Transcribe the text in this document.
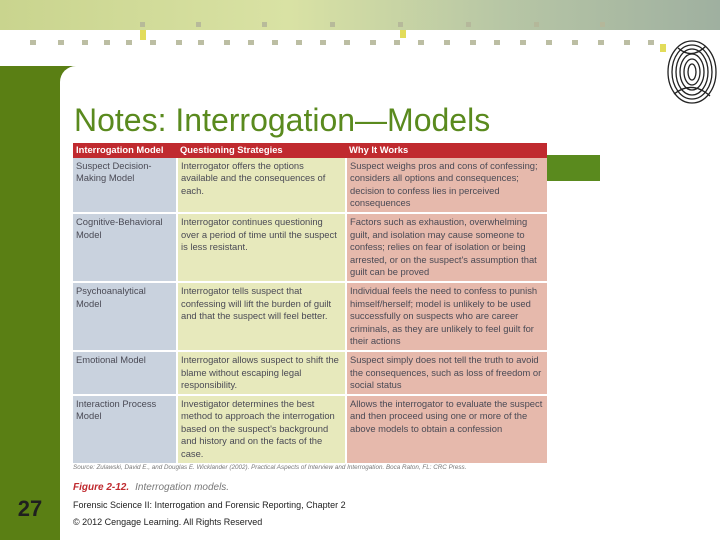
Notes: Interrogation—Models
Interrogation Model	Questioning Strategies	Why It Works
Suspect Decision-Making Model	Interrogator offers the options available and the consequences of each.	Suspect weighs pros and cons of confessing; considers all options and consequences; decision to confess lies in perceived consequences
Cognitive-Behavioral Model	Interrogator continues questioning over a period of time until the suspect is less resistant.	Factors such as exhaustion, overwhelming guilt, and isolation may cause someone to confess; relies on fear of isolation or being arrested, or on the suspect's assumption that guilt can be proved
Psychoanalytical Model	Interrogator tells suspect that confessing will lift the burden of guilt and that the suspect will feel better.	Individual feels the need to confess to punish himself/herself; model is unlikely to be used successfully on suspects who are career criminals, as they are unlikely to feel guilt for their actions
Emotional Model	Interrogator allows suspect to shift the blame without escaping legal responsibility.	Suspect simply does not tell the truth to avoid the consequences, such as loss of freedom or social status
Interaction Process Model	Investigator determines the best method to approach the interrogation based on the suspect's background and history and on the facts of the case.	Allows the interrogator to evaluate the suspect and then proceed using one or more of the above models to obtain a confession
Source: Zulawski, David E., and Douglas E. Wicklander (2002). Practical Aspects of Interview and Interrogation. Boca Raton, FL: CRC Press.
Figure 2-12. Interrogation models.
27	Forensic Science II: Interrogation and Forensic Reporting, Chapter 2
© 2012 Cengage Learning. All Rights Reserved
